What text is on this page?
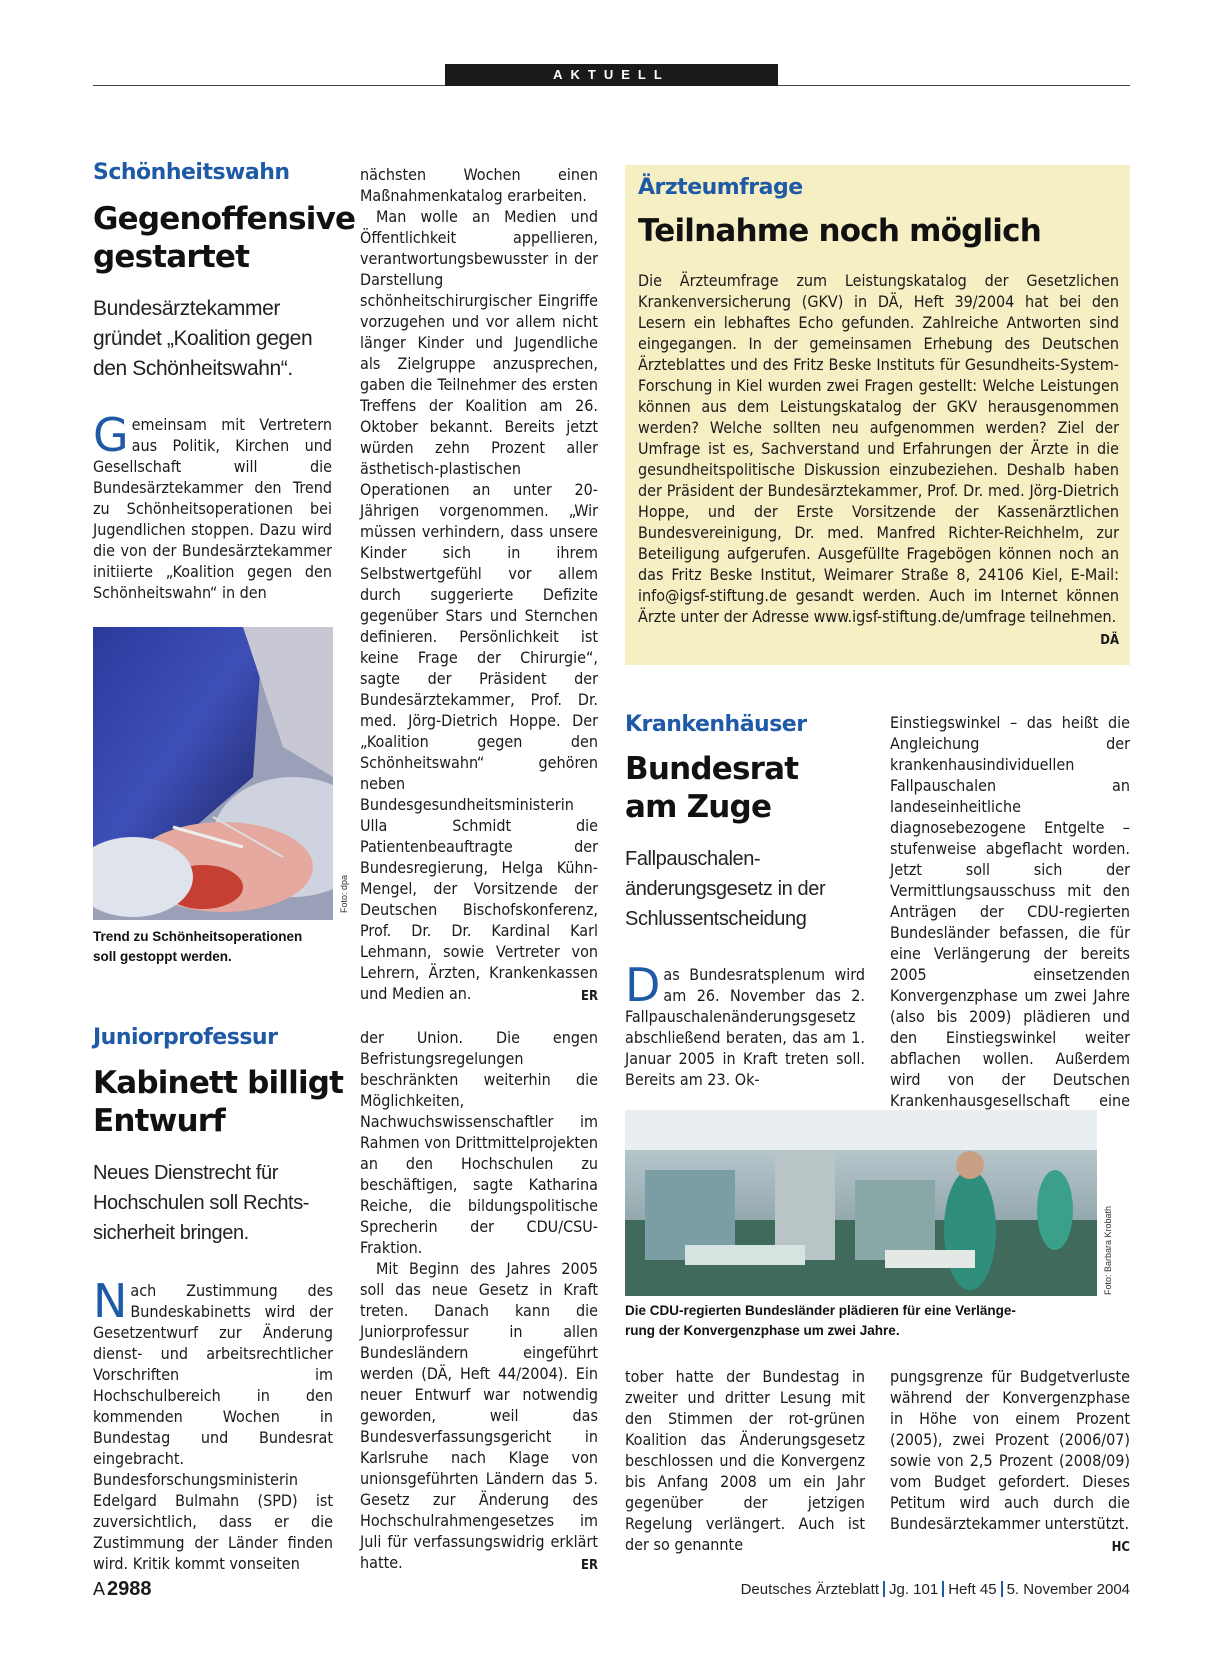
AKTUELL
Schönheitswahn
Gegenoffensive
gestartet
Bundesärztekammer
gründet „Koalition gegen
den Schönheitswahn“.
G emeinsam mit Vertretern aus Politik, Kirchen und Gesellschaft will die Bundesärztekammer den Trend zu Schönheitsoperationen bei Jugendlichen stoppen. Dazu wird die von der Bundesärztekammer initiierte „Koalition gegen den Schönheitswahn“ in den
Foto: dpa
Trend zu Schönheitsoperationen
soll gestoppt werden.

nächsten Wochen einen Maßnahmenkatalog erarbeiten.

Man wolle an Medien und Öffentlichkeit appellieren, verantwortungsbewusster in der Darstellung schönheitschirurgischer Eingriffe vorzugehen und vor allem nicht länger Kinder und Jugendliche als Zielgruppe anzusprechen, gaben die Teilnehmer des ersten Treffens der Koalition am 26. Oktober bekannt. Bereits jetzt würden zehn Prozent aller ästhetisch-plastischen Operationen an unter 20-Jährigen vorgenommen. „Wir müssen verhindern, dass unsere Kinder sich in ihrem Selbstwertgefühl vor allem durch suggerierte Defizite gegenüber Stars und Sternchen definieren. Persönlichkeit ist keine Frage der Chirurgie“, sagte der Präsident der Bundesärztekammer, Prof. Dr. med. Jörg-Dietrich Hoppe. Der „Koalition gegen den Schönheitswahn“ gehören neben Bundesgesundheitsministerin Ulla Schmidt die Patientenbeauftragte der Bundesregierung, Helga Kühn-Mengel, der Vorsitzende der Deutschen Bischofskonferenz, Prof. Dr. Dr. Kardinal Karl Lehmann, sowie Vertreter von Lehrern, Ärzten, Krankenkassen und Medien an.	ER

Ärzteumfrage
Teilnahme noch möglich
Die Ärzteumfrage zum Leistungskatalog der Gesetzlichen Krankenversicherung (GKV) in DÄ, Heft 39/2004 hat bei den Lesern ein lebhaftes Echo gefunden. Zahlreiche Antworten sind eingegangen. In der gemeinsamen Erhebung des Deutschen Ärzteblattes und des Fritz Beske Instituts für Gesundheits-System-Forschung in Kiel wurden zwei Fragen gestellt: Welche Leistungen können aus dem Leistungskatalog der GKV herausgenommen werden? Welche sollten neu aufgenommen werden? Ziel der Umfrage ist es, Sachverstand und Erfahrungen der Ärzte in die gesundheitspolitische Diskussion einzubeziehen. Deshalb haben der Präsident der Bundesärztekammer, Prof. Dr. med. Jörg-Dietrich Hoppe, und der Erste Vorsitzende der Kassenärztlichen Bundesvereinigung, Dr. med. Manfred Richter-Reichhelm, zur Beteiligung aufgerufen. Ausgefüllte Fragebögen können noch an das Fritz Beske Institut, Weimarer Straße 8, 24106 Kiel, E-Mail: info@igsf-stiftung.de gesandt werden. Auch im Internet können Ärzte unter der Adresse www.igsf-stiftung.de/umfrage teilnehmen.
DÄ
Krankenhäuser
Bundesrat
am Zuge
Fallpauschalen-
änderungsgesetz in der
Schlussentscheidung
D as Bundesratsplenum wird am 26. November das 2. Fallpauschalenänderungsgesetz abschließend beraten, das am 1. Januar 2005 in Kraft treten soll. Bereits am 23. Ok-
Einstiegswinkel – das heißt die Angleichung der krankenhausindividuellen Fallpauschalen an landeseinheitliche diagnosebezogene Entgelte – stufenweise abgeflacht worden. Jetzt soll sich der Vermittlungsausschuss mit den Anträgen der CDU-regierten Bundesländer befassen, die für eine Verlängerung der bereits 2005 einsetzenden Konvergenzphase um zwei Jahre (also bis 2009) plädieren und den Einstiegswinkel weiter abflachen wollen. Außerdem wird von der Deutschen Krankenhausgesellschaft eine
Foto: Barbara Krobath
Die CDU-regierten Bundesländer plädieren für eine Verlänge-
rung der Konvergenzphase um zwei Jahre.
tober hatte der Bundestag in zweiter und dritter Lesung mit den Stimmen der rot-grünen Koalition das Änderungsgesetz beschlossen und die Konvergenz bis Anfang 2008 um ein Jahr gegenüber der jetzigen Regelung verlängert. Auch ist der so genannte
pungsgrenze für Budgetverluste während der Konvergenzphase in Höhe von einem Prozent (2005), zwei Prozent (2006/07) sowie von 2,5 Prozent (2008/09) vom Budget gefordert. Dieses Petitum wird auch durch die Bundesärztekammer unterstützt.
HC
Juniorprofessur
Kabinett billigt
Entwurf
Neues Dienstrecht für
Hochschulen soll Rechts-
sicherheit bringen.
N ach Zustimmung des Bundeskabinetts wird der Gesetzentwurf zur Änderung dienst- und arbeitsrechtlicher Vorschriften im Hochschulbereich in den kommenden Wochen in Bundestag und Bundesrat eingebracht. Bundesforschungsministerin Edelgard Bulmahn (SPD) ist zuversichtlich, dass er die Zustimmung der Länder finden wird. Kritik kommt vonseiten

der Union. Die engen Befristungsregelungen beschränkten weiterhin die Möglichkeiten, Nachwuchswissenschaftler im Rahmen von Drittmittelprojekten an den Hochschulen zu beschäftigen, sagte Katharina Reiche, die bildungspolitische Sprecherin der CDU/CSU-Fraktion.

Mit Beginn des Jahres 2005 soll das neue Gesetz in Kraft treten. Danach kann die Juniorprofessur in allen Bundesländern eingeführt werden (DÄ, Heft 44/2004). Ein neuer Entwurf war notwendig geworden, weil das Bundesverfassungsgericht in Karlsruhe nach Klage von unionsgeführten Ländern das 5. Gesetz zur Änderung des Hochschulrahmengesetzes im Juli für verfassungswidrig erklärt hatte.	ER

A 2988	Deutsches Ärzteblatt Jg. 101 Heft 45 5. November 2004
